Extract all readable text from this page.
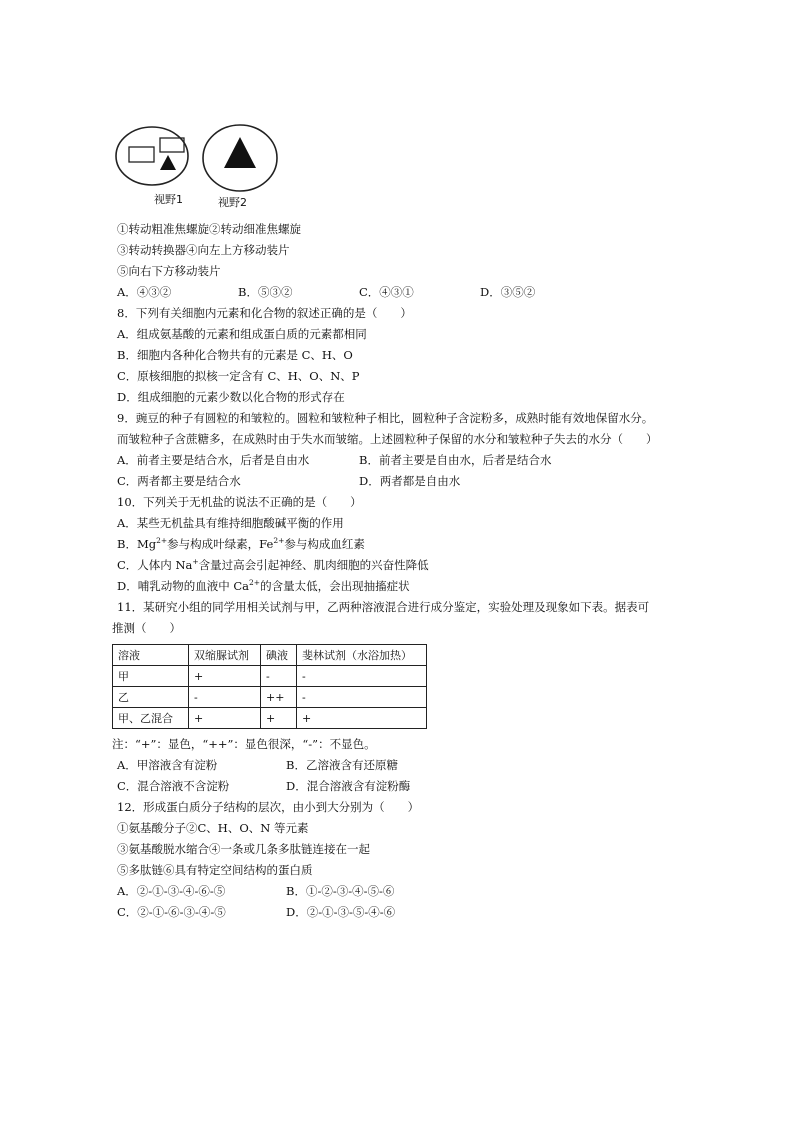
视野1	视野2
①转动粗准焦螺旋②转动细准焦螺旋
③转动转换器④向左上方移动装片
⑤向右下方移动装片
A．④③②	B．⑤③②	C．④③①	D．③⑤②
8．下列有关细胞内元素和化合物的叙述正确的是（　　）
A．组成氨基酸的元素和组成蛋白质的元素都相同
B．细胞内各种化合物共有的元素是 C、H、O
C．原核细胞的拟核一定含有 C、H、O、N、P
D．组成细胞的元素少数以化合物的形式存在
9．豌豆的种子有圆粒的和皱粒的。圆粒和皱粒种子相比，圆粒种子含淀粉多，成熟时能有效地保留水分。
而皱粒种子含蔗糖多，在成熟时由于失水而皱缩。上述圆粒种子保留的水分和皱粒种子失去的水分（　　）
A．前者主要是结合水，后者是自由水	B．前者主要是自由水，后者是结合水
C．两者都主要是结合水	D．两者都是自由水
10．下列关于无机盐的说法不正确的是（　　）
A．某些无机盐具有维持细胞酸碱平衡的作用
B．$Mg^{2+}$参与构成叶绿素，$Fe^{2+}$参与构成血红素
C．人体内 Na+含量过高会引起神经、肌肉细胞的兴奋性降低
D．哺乳动物的血液中 $Ca^{2+}$的含量太低，会出现抽搐症状
11．某研究小组的同学用相关试剂与甲，乙两种溶液混合进行成分鉴定，实验处理及现象如下表。据表可
推测（　　）
溶液	双缩脲试剂	碘液	斐林试剂（水浴加热）
甲	+	-	-
乙	-	++	-
甲、乙混合	+	+	+
注：“+”：显色，“++”：显色很深，“-”：不显色。
A．甲溶液含有淀粉	B．乙溶液含有还原糖
C．混合溶液不含淀粉	D．混合溶液含有淀粉酶
12．形成蛋白质分子结构的层次，由小到大分别为（　　）
①氨基酸分子②C、H、O、N 等元素
③氨基酸脱水缩合④一条或几条多肽链连接在一起
⑤多肽链⑥具有特定空间结构的蛋白质
A．②-①-③-④-⑥-⑤	B．①-②-③-④-⑤-⑥
C．②-①-⑥-③-④-⑤	D．②-①-③-⑤-④-⑥
